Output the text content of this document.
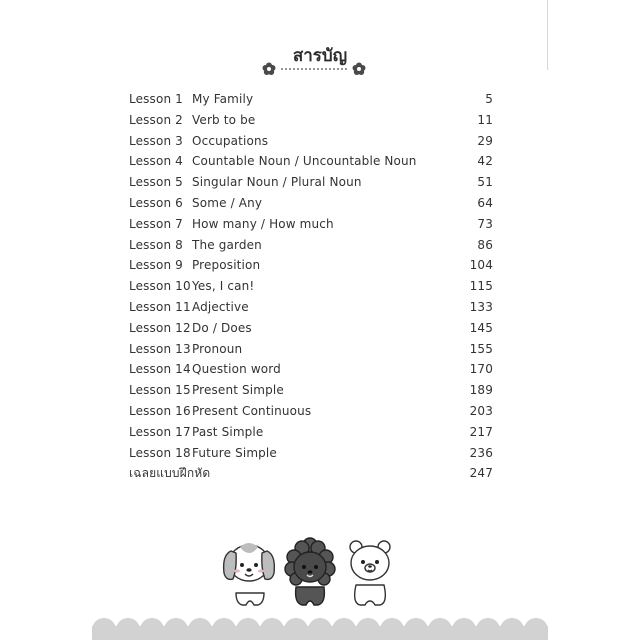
สารบัญ
Lesson 1 My Family	5
Lesson 2 Verb to be	11
Lesson 3 Occupations	29
Lesson 4 Countable Noun / Uncountable Noun	42
Lesson 5 Singular Noun / Plural Noun	51
Lesson 6 Some / Any	64
Lesson 7 How many / How much	73
Lesson 8 The garden	86
Lesson 9 Preposition	104
Lesson 10 Yes, I can!	115
Lesson 11 Adjective	133
Lesson 12 Do / Does	145
Lesson 13 Pronoun	155
Lesson 14 Question word	170
Lesson 15 Present Simple	189
Lesson 16 Present Continuous	203
Lesson 17 Past Simple	217
Lesson 18 Future Simple	236
เฉลยแบบฝึกหัด	247
